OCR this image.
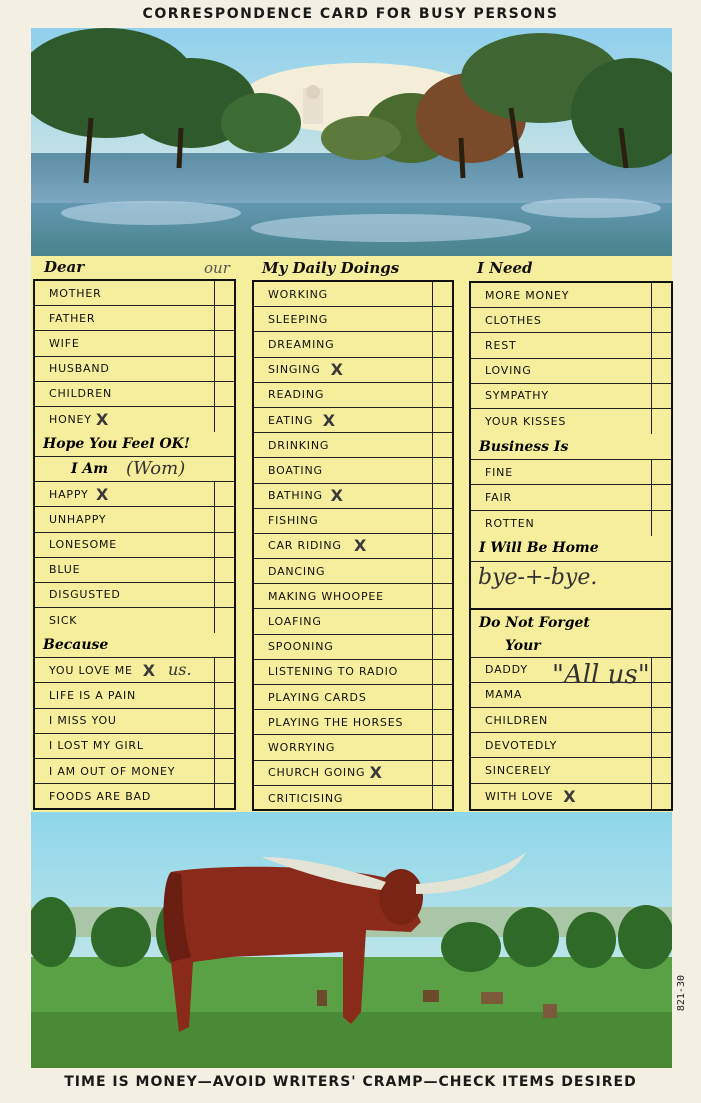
CORRESPONDENCE CARD FOR BUSY PERSONS
Dear
MOTHER
FATHER
WIFE
HUSBAND
CHILDREN
HONEY X
Hope You Feel OK!
I Am
HAPPY X
UNHAPPY
LONESOME
BLUE
DISGUSTED
SICK
Because
YOU LOVE ME X
LIFE IS A PAIN
I MISS YOU
I LOST MY GIRL
I AM OUT OF MONEY
FOODS ARE BAD
My Daily Doings
WORKING
SLEEPING
DREAMING
SINGING X
READING
EATING X
DRINKING
BOATING
BATHING X
FISHING
CAR RIDING X
DANCING
MAKING WHOOPEE
LOAFING
SPOONING
LISTENING TO RADIO
PLAYING CARDS
PLAYING THE HORSES
WORRYING
CHURCH GOING X
CRITICISING
I Need
MORE MONEY
CLOTHES
REST
LOVING
SYMPATHY
YOUR KISSES
Business Is
FINE
FAIR
ROTTEN
I Will Be Home
Do Not Forget
Your
DADDY
MAMA
CHILDREN
DEVOTEDLY
SINCERELY
WITH LOVE X
our
(Wom)
bye-+-bye.
"All us"
us.
821-30
TIME IS MONEY—AVOID WRITERS' CRAMP—CHECK ITEMS DESIRED
